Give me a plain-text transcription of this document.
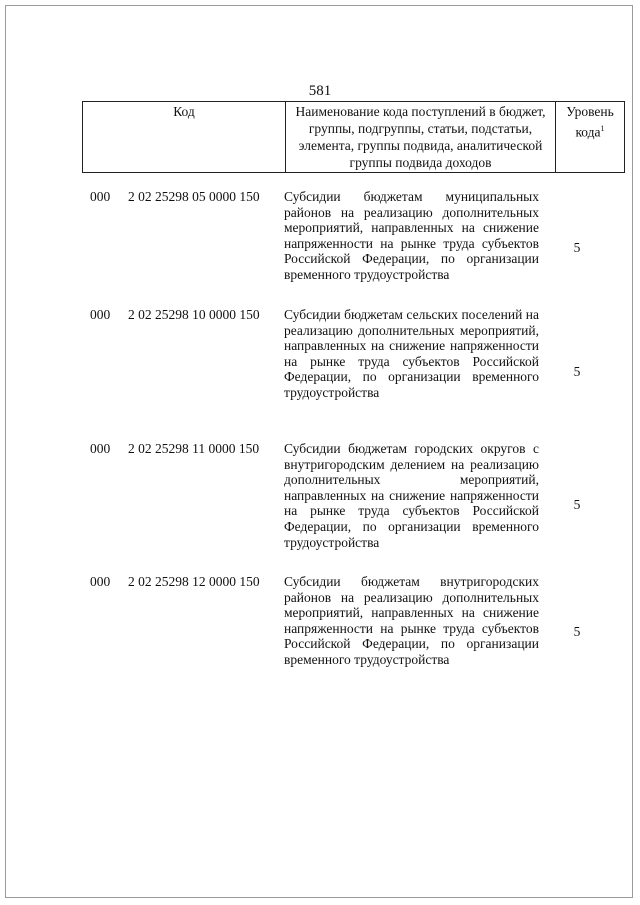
581
Код	Наименование кода поступлений в бюджет, группы, подгруппы, статьи, подстатьи, элемента, группы подвида, аналитической группы подвида доходов	Уровень кода$^1$
000 2 02 25298 05 0000 150 Субсидии бюджетам муниципальных районов на реализацию дополнительных мероприятий, направленных на снижение напряженности на рынке труда субъектов Российской Федерации, по организации временного трудоустройства
5
000 2 02 25298 10 0000 150 Субсидии бюджетам сельских поселений на реализацию дополнительных мероприятий, направленных на снижение напряженности на рынке труда субъектов Российской Федерации, по организации временного трудоустройства
5
000 2 02 25298 11 0000 150 Субсидии бюджетам городских округов с внутригородским делением на реализацию дополнительных мероприятий, направленных на снижение напряженности на рынке труда субъектов Российской Федерации, по организации временного трудоустройства
5
000 2 02 25298 12 0000 150 Субсидии бюджетам внутригородских районов на реализацию дополнительных мероприятий, направленных на снижение напряженности на рынке труда субъектов Российской Федерации, по организации временного трудоустройства
5
